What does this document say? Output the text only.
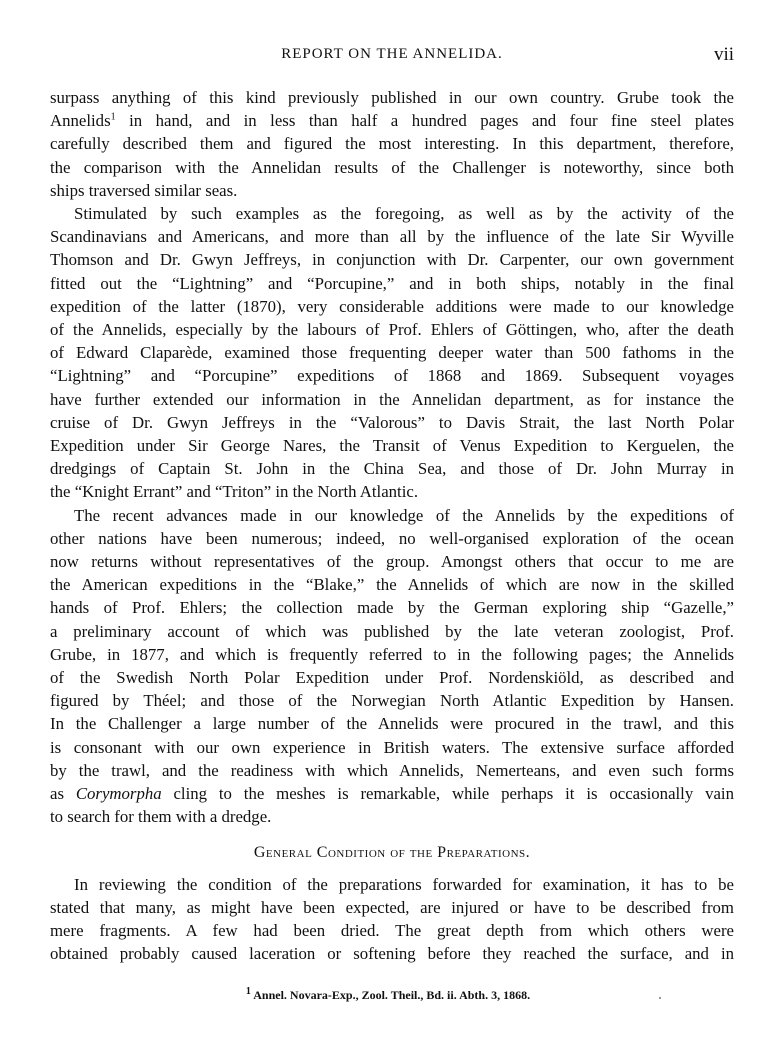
REPORT ON THE ANNELIDA.	vii

surpass anything of this kind previously published in our own country. Grube took the
Annelids$^1$ in hand, and in less than half a hundred pages and four fine steel plates
carefully described them and figured the most interesting. In this department, therefore,
the comparison with the Annelidan results of the Challenger is noteworthy, since both
ships traversed similar seas.

Stimulated by such examples as the foregoing, as well as by the activity of the
Scandinavians and Americans, and more than all by the influence of the late Sir Wyville
Thomson and Dr. Gwyn Jeffreys, in conjunction with Dr. Carpenter, our own government
fitted out the “Lightning” and “Porcupine,” and in both ships, notably in the final
expedition of the latter (1870), very considerable additions were made to our knowledge
of the Annelids, especially by the labours of Prof. Ehlers of Göttingen, who, after the death
of Edward Claparède, examined those frequenting deeper water than 500 fathoms in the
“Lightning” and “Porcupine” expeditions of 1868 and 1869. Subsequent voyages
have further extended our information in the Annelidan department, as for instance the
cruise of Dr. Gwyn Jeffreys in the “Valorous” to Davis Strait, the last North Polar
Expedition under Sir George Nares, the Transit of Venus Expedition to Kerguelen, the
dredgings of Captain St. John in the China Sea, and those of Dr. John Murray in
the “Knight Errant” and “Triton” in the North Atlantic.

The recent advances made in our knowledge of the Annelids by the expeditions of
other nations have been numerous; indeed, no well-organised exploration of the ocean
now returns without representatives of the group. Amongst others that occur to me are
the American expeditions in the “Blake,” the Annelids of which are now in the skilled
hands of Prof. Ehlers; the collection made by the German exploring ship “Gazelle,”
a preliminary account of which was published by the late veteran zoologist, Prof.
Grube, in 1877, and which is frequently referred to in the following pages; the Annelids
of the Swedish North Polar Expedition under Prof. Nordenskiöld, as described and
figured by Théel; and those of the Norwegian North Atlantic Expedition by Hansen.
In the Challenger a large number of the Annelids were procured in the trawl, and this
is consonant with our own experience in British waters. The extensive surface afforded
by the trawl, and the readiness with which Annelids, Nemerteans, and even such forms
as Corymorpha cling to the meshes is remarkable, while perhaps it is occasionally vain
to search for them with a dredge.

General Condition of the Preparations.

In reviewing the condition of the preparations forwarded for examination, it has to be
stated that many, as might have been expected, are injured or have to be described from
mere fragments. A few had been dried. The great depth from which others were
obtained probably caused laceration or softening before they reached the surface, and in

$^1$ Annel. Novara-Exp., Zool. Theil., Bd. ii. Abth. 3, 1868.
